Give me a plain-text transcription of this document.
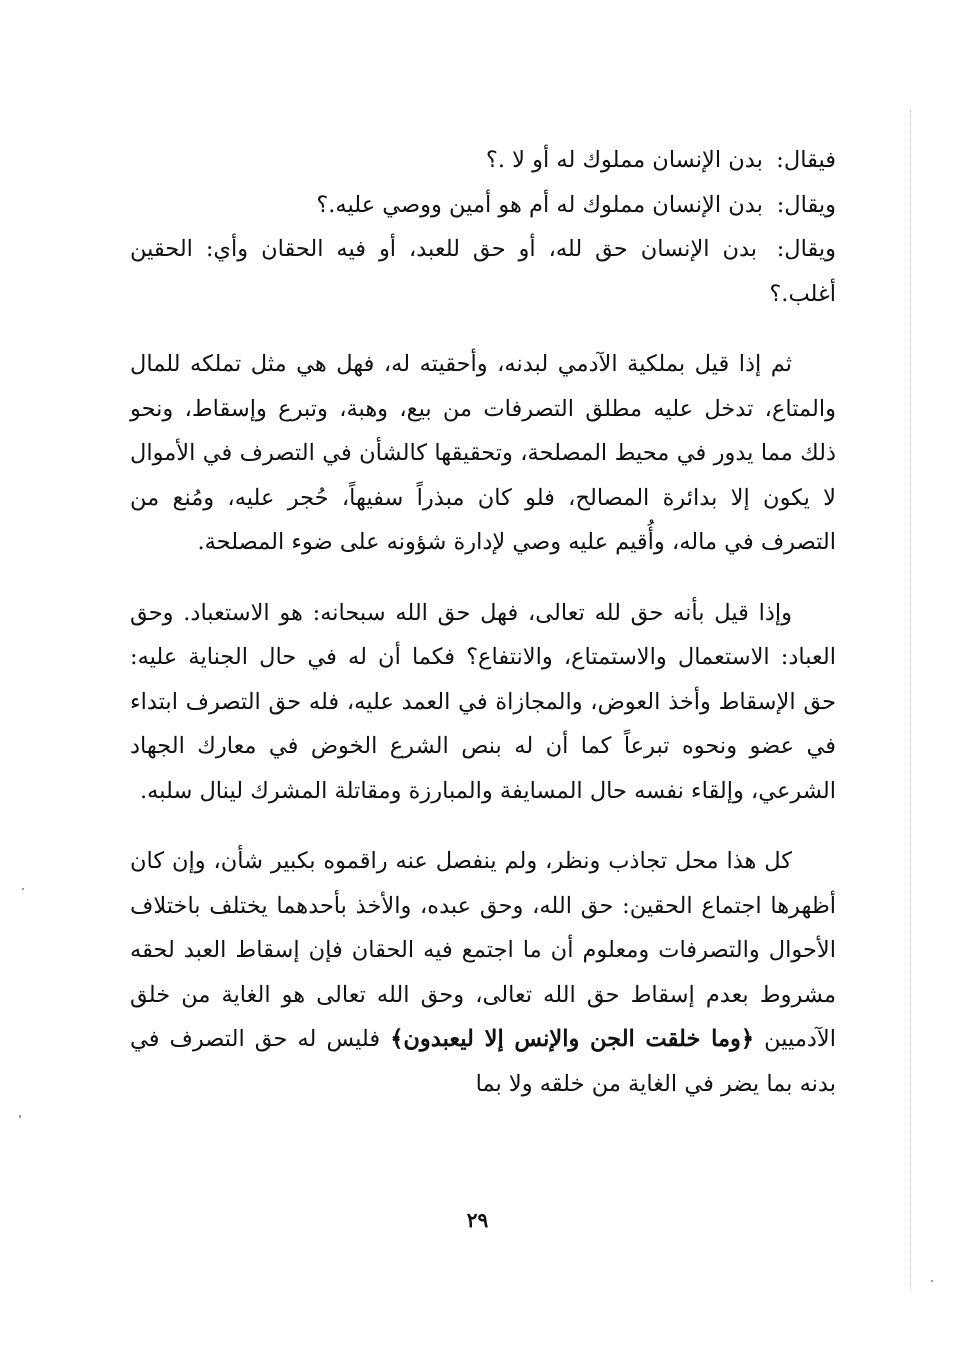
فيقال: بدن الإنسان مملوك له أو لا .؟

ويقال: بدن الإنسان مملوك له أم هو أمين ووصي عليه.؟

ويقال: بدن الإنسان حق لله، أو حق للعبد، أو فيه الحقان وأي: الحقين أغلب.؟

ثم إذا قيل بملكية الآدمي لبدنه، وأحقيته له، فهل هي مثل تملكه للمال والمتاع، تدخل عليه مطلق التصرفات من بيع، وهبة، وتبرع وإسقاط، ونحو ذلك مما يدور في محيط المصلحة، وتحقيقها كالشأن في التصرف في الأموال لا يكون إلا بدائرة المصالح، فلو كان مبذراً سفيهاً، حُجر عليه، ومُنع من التصرف في ماله، وأُقيم عليه وصي لإدارة شؤونه على ضوء المصلحة.

وإذا قيل بأنه حق لله تعالى، فهل حق الله سبحانه: هو الاستعباد. وحق العباد: الاستعمال والاستمتاع، والانتفاع؟ فكما أن له في حال الجناية عليه: حق الإسقاط وأخذ العوض، والمجازاة في العمد عليه، فله حق التصرف ابتداء في عضو ونحوه تبرعاً كما أن له بنص الشرع الخوض في معارك الجهاد الشرعي، وإلقاء نفسه حال المسايفة والمبارزة ومقاتلة المشرك لينال سلبه.

كل هذا محل تجاذب ونظر، ولم ينفصل عنه راقموه بكبير شأن، وإن كان أظهرها اجتماع الحقين: حق الله، وحق عبده، والأخذ بأحدهما يختلف باختلاف الأحوال والتصرفات ومعلوم أن ما اجتمع فيه الحقان فإن إسقاط العبد لحقه مشروط بعدم إسقاط حق الله تعالى، وحق الله تعالى هو الغاية من خلق الآدميين ﴿وما خلقت الجن والإنس إلا ليعبدون﴾ فليس له حق التصرف في بدنه بما يضر في الغاية من خلقه ولا بما

٢٩
